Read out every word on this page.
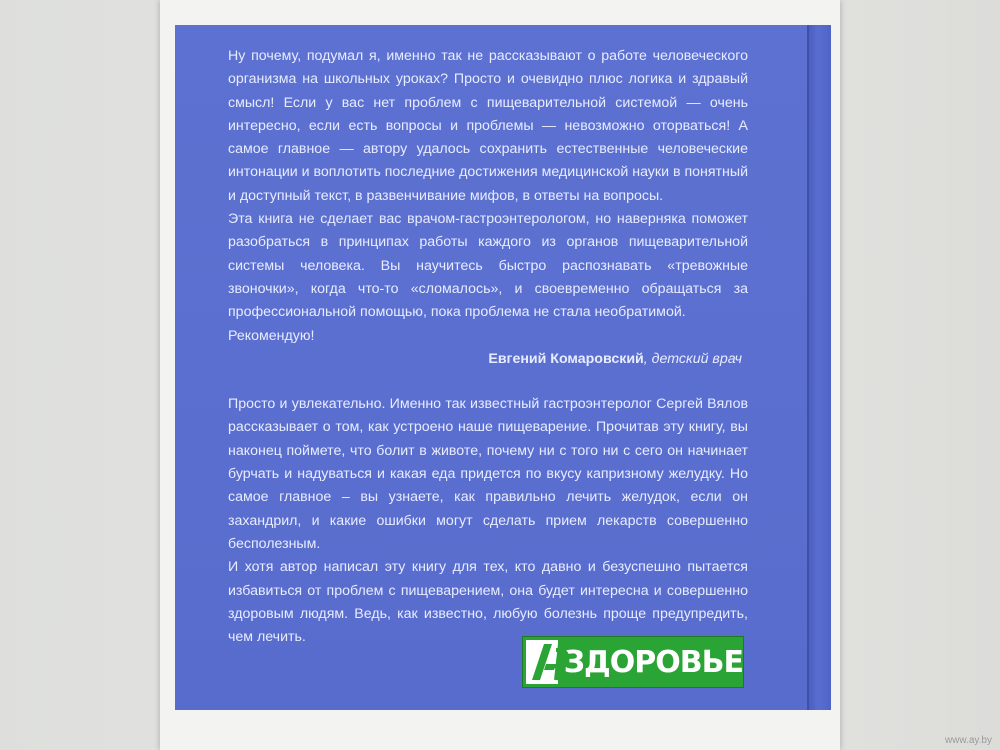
Ну почему, подумал я, именно так не рассказывают о работе человеческого организма на школьных уроках? Просто и очевидно плюс логика и здравый смысл! Если у вас нет проблем с пищеварительной системой — очень интересно, если есть вопросы и проблемы — невозможно оторваться! А самое главное — автору удалось сохранить естественные человеческие интонации и воплотить последние достижения медицинской науки в понятный и доступный текст, в развенчивание мифов, в ответы на вопросы.

Эта книга не сделает вас врачом-гастроэнтерологом, но наверняка поможет разобраться в принципах работы каждого из органов пищеварительной системы человека. Вы научитесь быстро распознавать «тревожные звоночки», когда что-то «сломалось», и своевременно обращаться за профессиональной помощью, пока проблема не стала необратимой.

Рекомендую!

Евгений Комаровский, детский врач

Просто и увлекательно. Именно так известный гастроэнтеролог Сергей Вялов рассказывает о том, как устроено наше пищеварение. Прочитав эту книгу, вы наконец поймете, что болит в животе, почему ни с того ни с сего он начинает бурчать и надуваться и какая еда придется по вкусу капризному желудку. Но самое главное – вы узнаете, как правильно лечить желудок, если он захандрил, и какие ошибки могут сделать прием лекарств совершенно бесполезным.

И хотя автор написал эту книгу для тех, кто давно и безуспешно пытается избавиться от проблем с пищеварением, она будет интересна и совершенно здоровым людям. Ведь, как известно, любую болезнь проще предупредить, чем лечить.

ЗДОРОВЬЕ
www.ay.by
